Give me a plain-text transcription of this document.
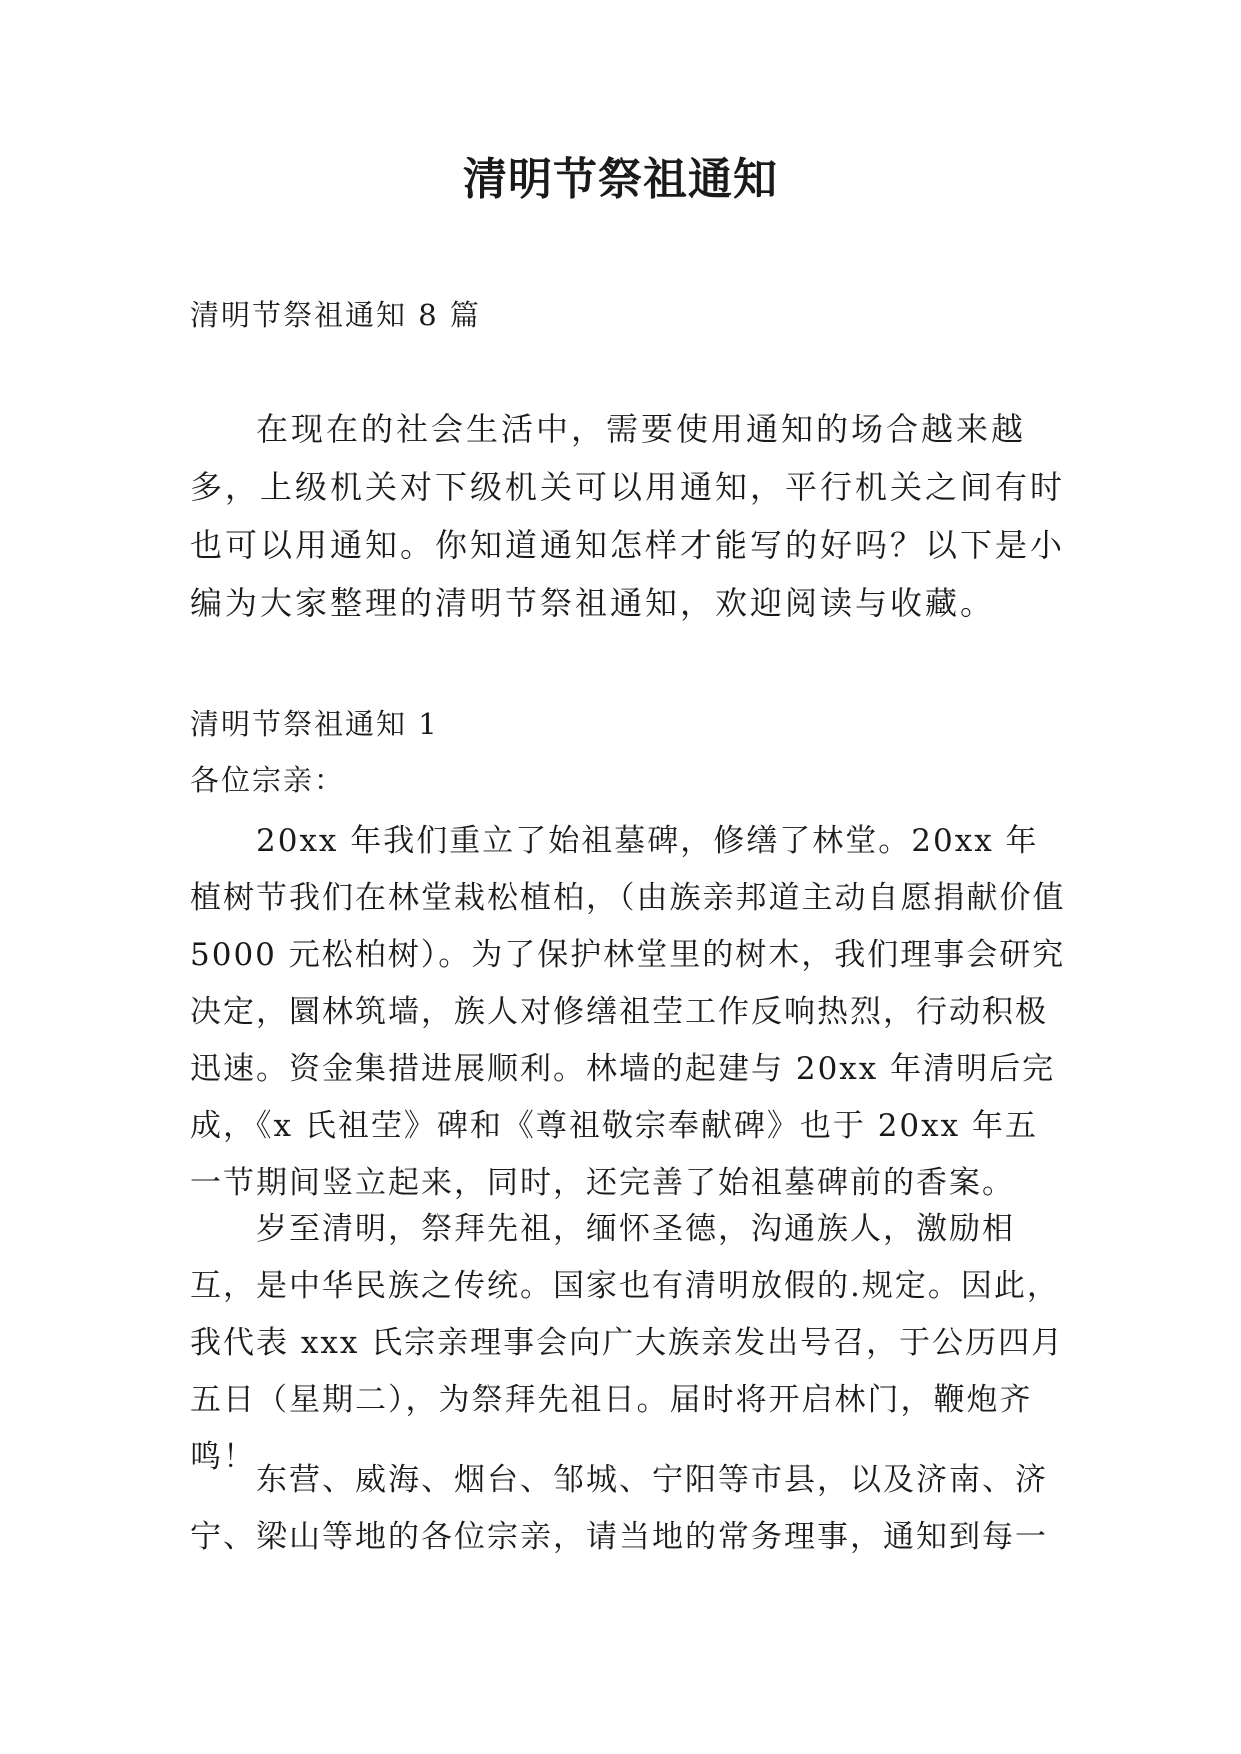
清明节祭祖通知
清明节祭祖通知 8 篇
在现在的社会生活中，需要使用通知的场合越来越多，上级机关对下级机关可以用通知，平行机关之间有时也可以用通知。你知道通知怎样才能写的好吗？以下是小编为大家整理的清明节祭祖通知，欢迎阅读与收藏。
清明节祭祖通知 1
各位宗亲：
20xx 年我们重立了始祖墓碑，修缮了林堂。20xx 年植树节我们在林堂栽松植柏，（由族亲邦道主动自愿捐献价值 5000 元松柏树）。为了保护林堂里的树木，我们理事会研究决定，圜林筑墙，族人对修缮祖茔工作反响热烈，行动积极迅速。资金集措进展顺利。林墙的起建与 20xx 年清明后完成，《x 氏祖茔》碑和《尊祖敬宗奉献碑》也于 20xx 年五一节期间竖立起来，同时，还完善了始祖墓碑前的香案。
岁至清明，祭拜先祖，缅怀圣德，沟通族人，激励相互，是中华民族之传统。国家也有清明放假的.规定。因此，我代表 xxx 氏宗亲理事会向广大族亲发出号召，于公历四月五日（星期二），为祭拜先祖日。届时将开启林门，鞭炮齐鸣！
东营、威海、烟台、邹城、宁阳等市县，以及济南、济宁、梁山等地的各位宗亲，请当地的常务理事，通知到每一
